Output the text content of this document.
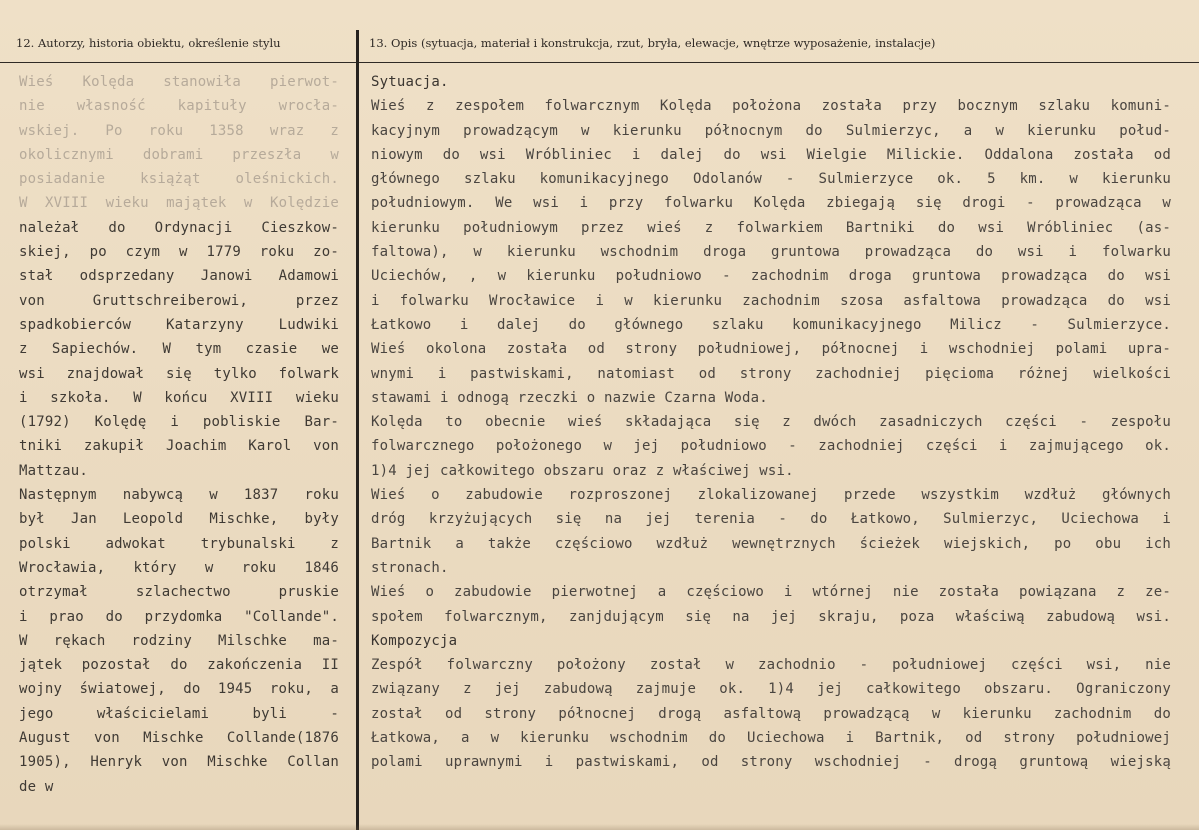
12. Autorzy, historia obiektu, określenie stylu	13. Opis (sytuacja, materiał i konstrukcja, rzut, bryła, elewacje, wnętrze wyposażenie, instalacje)
Wieś Kolęda stanowiła pierwot-
nie własność kapituły wrocła-
wskiej. Po roku 1358 wraz z
okolicznymi dobrami przeszła w
posiadanie książąt oleśnickich.
W XVIII wieku majątek w Kolędzie
należał do Ordynacji Cieszkow-
skiej, po czym w 1779 roku zo-
stał odsprzedany Janowi Adamowi
von Gruttschreiberowi, przez
spadkobierców Katarzyny Ludwiki
z Sapiechów. W tym czasie we
wsi znajdował się tylko folwark
i szkoła. W końcu XVIII wieku
(1792) Kolędę i pobliskie Bar-
tniki zakupił Joachim Karol von
Mattzau.
Następnym nabywcą w 1837 roku
był Jan Leopold Mischke, były
polski adwokat trybunalski z
Wrocławia, który w roku 1846
otrzymał szlachectwo pruskie
i prao do przydomka "Collande".
W rękach rodziny Milschke ma-
jątek pozostał do zakończenia II
wojny światowej, do 1945 roku, a
jego właścicielami byli -
August von Mischke Collande(1876
1905), Henryk von Mischke Collan
de w
Sytuacja.
Wieś z zespołem folwarcznym Kolęda położona została przy bocznym szlaku komuni-
kacyjnym prowadzącym w kierunku północnym do Sulmierzyc, a w kierunku połud-
niowym do wsi Wróbliniec i dalej do wsi Wielgie Milickie. Oddalona została od
głównego szlaku komunikacyjnego Odolanów - Sulmierzyce ok. 5 km. w kierunku
południowym. We wsi i przy folwarku Kolęda zbiegają się drogi - prowadząca w
kierunku południowym przez wieś z folwarkiem Bartniki do wsi Wróbliniec (as-
faltowa), w kierunku wschodnim droga gruntowa prowadząca do wsi i folwarku
Uciechów, , w kierunku południowo - zachodnim droga gruntowa prowadząca do wsi
i folwarku Wrocławice i w kierunku zachodnim szosa asfaltowa prowadząca do wsi
Łatkowo i dalej do głównego szlaku komunikacyjnego Milicz - Sulmierzyce.
Wieś okolona została od strony południowej, północnej i wschodniej polami upra-
wnymi i pastwiskami, natomiast od strony zachodniej pięcioma różnej wielkości
stawami i odnogą rzeczki o nazwie Czarna Woda.
Kolęda to obecnie wieś składająca się z dwóch zasadniczych części - zespołu
folwarcznego położonego w jej południowo - zachodniej części i zajmującego ok.
1)4 jej całkowitego obszaru oraz z właściwej wsi.
Wieś o zabudowie rozproszonej zlokalizowanej przede wszystkim wzdłuż głównych
dróg krzyżujących się na jej terenia - do Łatkowo, Sulmierzyc, Uciechowa i
Bartnik a także częściowo wzdłuż wewnętrznych ścieżek wiejskich, po obu ich
stronach.
Wieś o zabudowie pierwotnej a częściowo i wtórnej nie została powiązana z ze-
społem folwarcznym, zanjdującym się na jej skraju, poza właściwą zabudową wsi.
Kompozycja
Zespół folwarczny położony został w zachodnio - południowej części wsi, nie
związany z jej zabudową zajmuje ok. 1)4 jej całkowitego obszaru. Ograniczony
został od strony północnej drogą asfaltową prowadzącą w kierunku zachodnim do
Łatkowa, a w kierunku wschodnim do Uciechowa i Bartnik, od strony południowej
polami uprawnymi i pastwiskami, od strony wschodniej - drogą gruntową wiejską
